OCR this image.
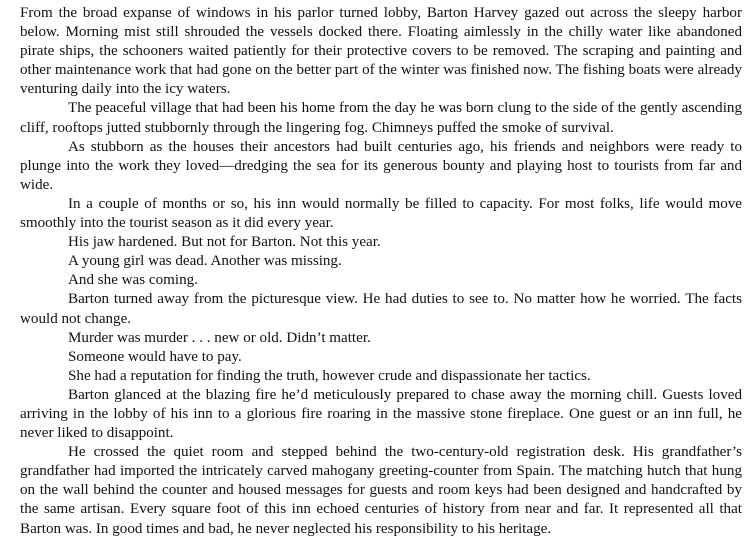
From the broad expanse of windows in his parlor turned lobby, Barton Harvey gazed out across the sleepy harbor below. Morning mist still shrouded the vessels docked there. Floating aimlessly in the chilly water like abandoned pirate ships, the schooners waited patiently for their protective covers to be removed. The scraping and painting and other maintenance work that had gone on the better part of the winter was finished now. The fishing boats were already venturing daily into the icy waters.

The peaceful village that had been his home from the day he was born clung to the side of the gently ascending cliff, rooftops jutted stubbornly through the lingering fog. Chimneys puffed the smoke of survival.

As stubborn as the houses their ancestors had built centuries ago, his friends and neighbors were ready to plunge into the work they loved—dredging the sea for its generous bounty and playing host to tourists from far and wide.

In a couple of months or so, his inn would normally be filled to capacity. For most folks, life would move smoothly into the tourist season as it did every year.

His jaw hardened. But not for Barton. Not this year.

A young girl was dead. Another was missing.

And she was coming.

Barton turned away from the picturesque view. He had duties to see to. No matter how he worried. The facts would not change.

Murder was murder . . . new or old. Didn’t matter.

Someone would have to pay.

She had a reputation for finding the truth, however crude and dispassionate her tactics.

Barton glanced at the blazing fire he’d meticulously prepared to chase away the morning chill. Guests loved arriving in the lobby of his inn to a glorious fire roaring in the massive stone fireplace. One guest or an inn full, he never liked to disappoint.

He crossed the quiet room and stepped behind the two-century-old registration desk. His grandfather’s grandfather had imported the intricately carved mahogany greeting-counter from Spain. The matching hutch that hung on the wall behind the counter and housed messages for guests and room keys had been designed and handcrafted by the same artisan. Every square foot of this inn echoed centuries of history from near and far. It represented all that Barton was. In good times and bad, he never neglected his responsibility to his heritage.
